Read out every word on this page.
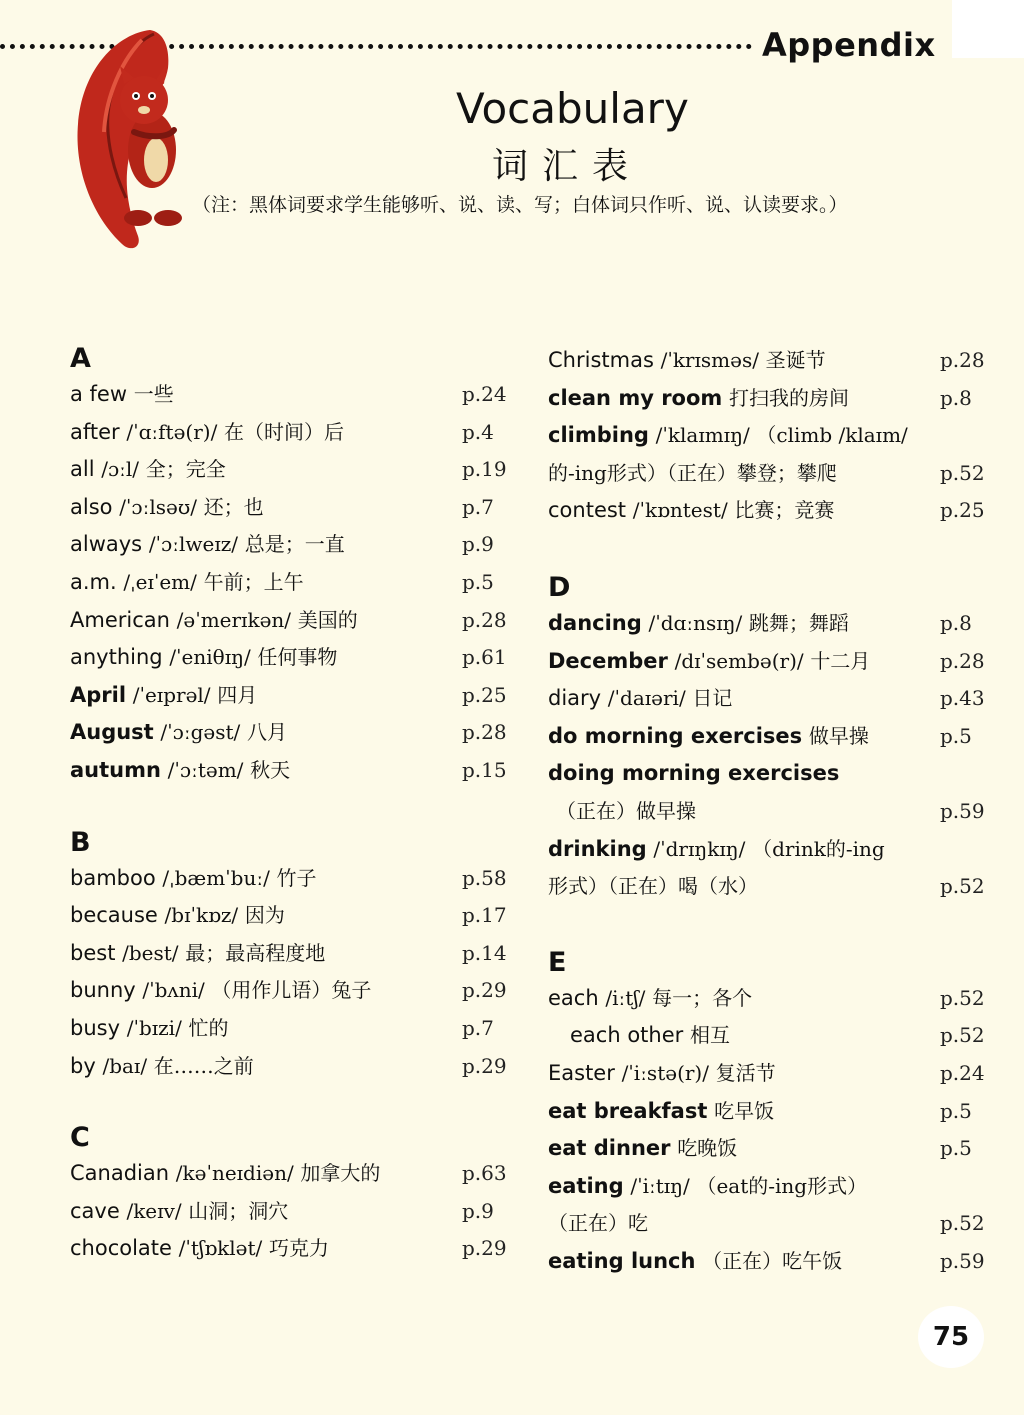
Appendix
Vocabulary
词汇表
（注：黑体词要求学生能够听、说、读、写；白体词只作听、说、认读要求。）
A
a few 一些	p.24
after /ˈɑːftə(r)/ 在（时间）后	p.4
all /ɔːl/ 全；完全	p.19
also /ˈɔːlsəʊ/ 还；也	p.7
always /ˈɔːlweɪz/ 总是；一直	p.9
a.m. /ˌeɪˈem/ 午前；上午	p.5
American /əˈmerɪkən/ 美国的	p.28
anything /ˈeniθɪŋ/ 任何事物	p.61
April /ˈeɪprəl/ 四月	p.25
August /ˈɔːgəst/ 八月	p.28
autumn /ˈɔːtəm/ 秋天	p.15
B
bamboo /ˌbæmˈbuː/ 竹子	p.58
because /bɪˈkɒz/ 因为	p.17
best /best/ 最；最高程度地	p.14
bunny /ˈbʌni/ （用作儿语）兔子	p.29
busy /ˈbɪzi/ 忙的	p.7
by /baɪ/ 在……之前	p.29
C
Canadian /kəˈneɪdiən/ 加拿大的	p.63
cave /keɪv/ 山洞；洞穴	p.9
chocolate /ˈtʃɒklət/ 巧克力	p.29
Christmas /ˈkrɪsməs/ 圣诞节	p.28
clean my room 打扫我的房间	p.8
climbing /ˈklaɪmɪŋ/ （climb /klaɪm/
的-ing形式）（正在）攀登；攀爬	p.52
contest /ˈkɒntest/ 比赛；竞赛	p.25
D
dancing /ˈdɑːnsɪŋ/ 跳舞；舞蹈	p.8
December /dɪˈsembə(r)/ 十二月	p.28
diary /ˈdaɪəri/ 日记	p.43
do morning exercises 做早操	p.5
doing morning exercises
（正在）做早操	p.59
drinking /ˈdrɪŋkɪŋ/ （drink的-ing
形式）（正在）喝（水）	p.52
E
each /iːtʃ/ 每一；各个	p.52
each other 相互	p.52
Easter /ˈiːstə(r)/ 复活节	p.24
eat breakfast 吃早饭	p.5
eat dinner 吃晚饭	p.5
eating /ˈiːtɪŋ/ （eat的-ing形式）
（正在）吃	p.52
eating lunch （正在）吃午饭	p.59
75
